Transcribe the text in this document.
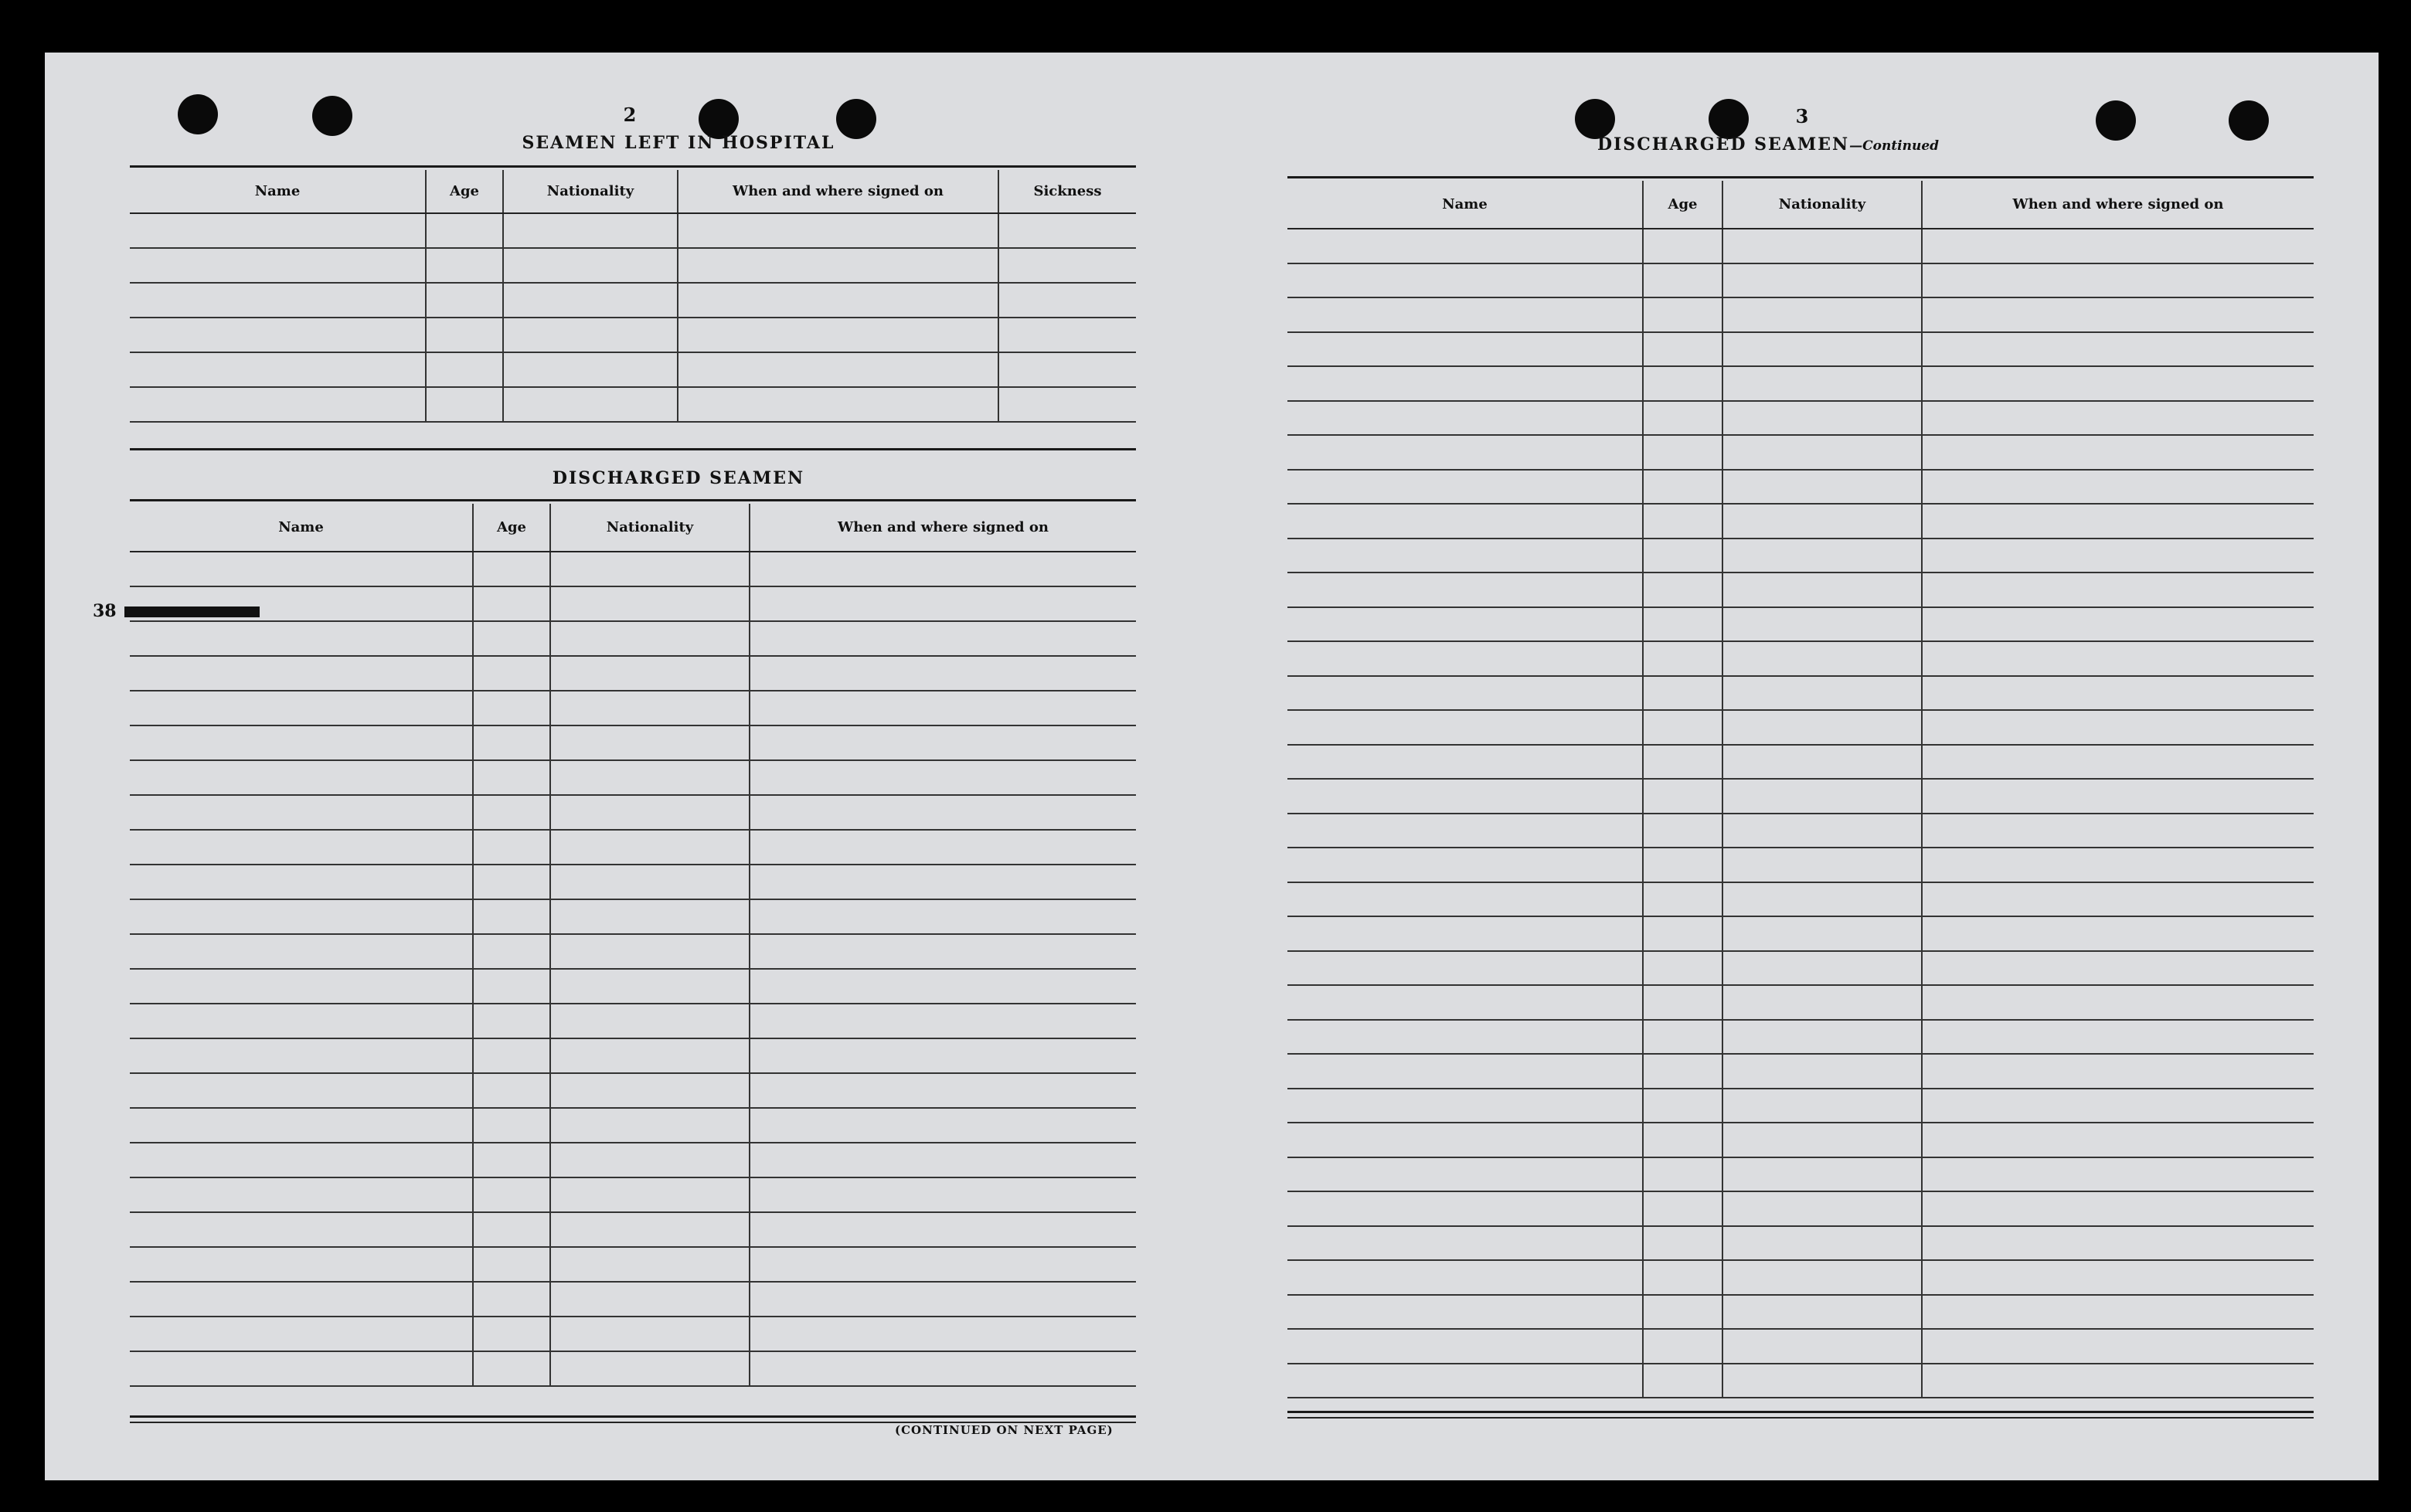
2
SEAMEN LEFT IN HOSPITAL
Name	Age	Nationality	When and where signed on	Sickness

DISCHARGED SEAMEN
Name	Age	Nationality	When and where signed on

38
(CONTINUED ON NEXT PAGE)
3
DISCHARGED SEAMEN—Continued
Name	Age	Nationality	When and where signed on
